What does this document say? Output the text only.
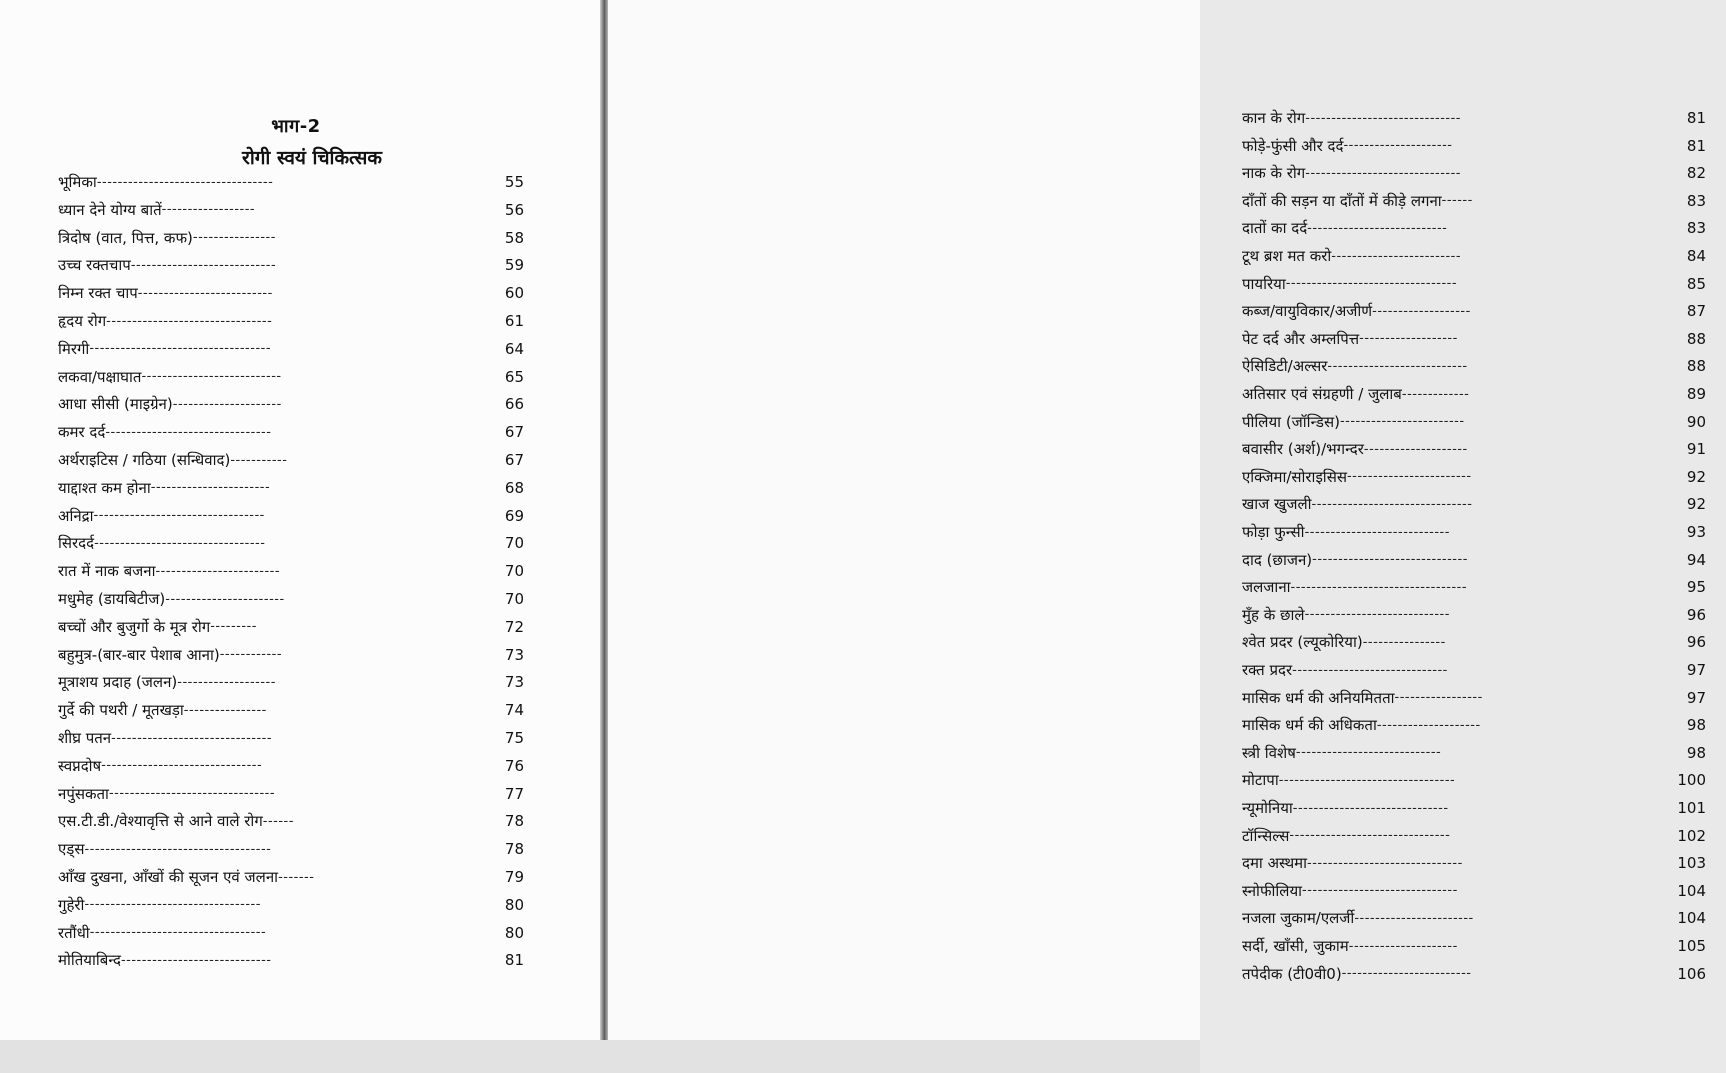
भाग-2
रोगी स्वयं चिकित्सक
भूमिका ----------------------------------	55
ध्यान देने योग्य बातें ------------------	56
त्रिदोष (वात, पित्त, कफ) ----------------	58
उच्च रक्तचाप ----------------------------	59
निम्न रक्त चाप --------------------------	60
हृदय रोग --------------------------------	61
मिरगी -----------------------------------	64
लकवा/पक्षाघात ---------------------------	65
आधा सीसी (माइग्रेन) ---------------------	66
कमर दर्द --------------------------------	67
अर्थराइटिस / गठिया (सन्धिवाद) -----------	67
याद्दाश्त कम होना -----------------------	68
अनिद्रा ---------------------------------	69
सिरदर्द ---------------------------------	70
रात में नाक बजना ------------------------	70
मधुमेह (डायबिटीज) -----------------------	70
बच्चों और बुजुर्गो के मूत्र रोग ---------	72
बहुमुत्र-(बार-बार पेशाब आना) ------------	73
मूत्राशय प्रदाह (जलन) -------------------	73
गुर्दे की पथरी / मूतखड़ा ----------------	74
शीघ्र पतन -------------------------------	75
स्वप्नदोष -------------------------------	76
नपुंसकता --------------------------------	77
एस.टी.डी./वेश्यावृत्ति से आने वाले रोग ------	78
एड्स ------------------------------------	78
आँख दुखना, आँखों की सूजन एवं जलना -------	79
गुहेरी ----------------------------------	80
रतौंधी ----------------------------------	80
मोतियाबिन्द -----------------------------	81
कान के रोग ------------------------------	81
फोड़े-फुंसी और दर्द ---------------------	81
नाक के रोग ------------------------------	82
दाँतों की सड़न या दाँतों में कीड़े लगना ------	83
दातों का दर्द ---------------------------	83
टूथ ब्रश मत करो -------------------------	84
पायरिया ---------------------------------	85
कब्ज/वायुविकार/अजीर्ण -------------------	87
पेट दर्द और अम्लपित्त -------------------	88
ऐसिडिटी/अल्सर ---------------------------	88
अतिसार एवं संग्रहणी / जुलाब -------------	89
पीलिया (जॉन्डिस) ------------------------	90
बवासीर (अर्श)/भगन्दर --------------------	91
एक्जिमा/सोराइसिस ------------------------	92
खाज खुजली -------------------------------	92
फोड़ा फुन्सी ----------------------------	93
दाद (छाजन) ------------------------------	94
जलजाना ----------------------------------	95
मुँह के छाले ----------------------------	96
श्वेत प्रदर (ल्यूकोरिया) ----------------	96
रक्त प्रदर ------------------------------	97
मासिक धर्म की अनियमितता -----------------	97
मासिक धर्म की अधिकता --------------------	98
स्त्री विशेष ----------------------------	98
मोटापा ----------------------------------	100
न्यूमोनिया ------------------------------	101
टॉन्सिल्स -------------------------------	102
दमा अस्थमा ------------------------------	103
स्नोफीलिया ------------------------------	104
नजला जुकाम/एलर्जी -----------------------	104
सर्दी, खाँसी, जुकाम ---------------------	105
तपेदीक (टी0वी0) -------------------------	106
